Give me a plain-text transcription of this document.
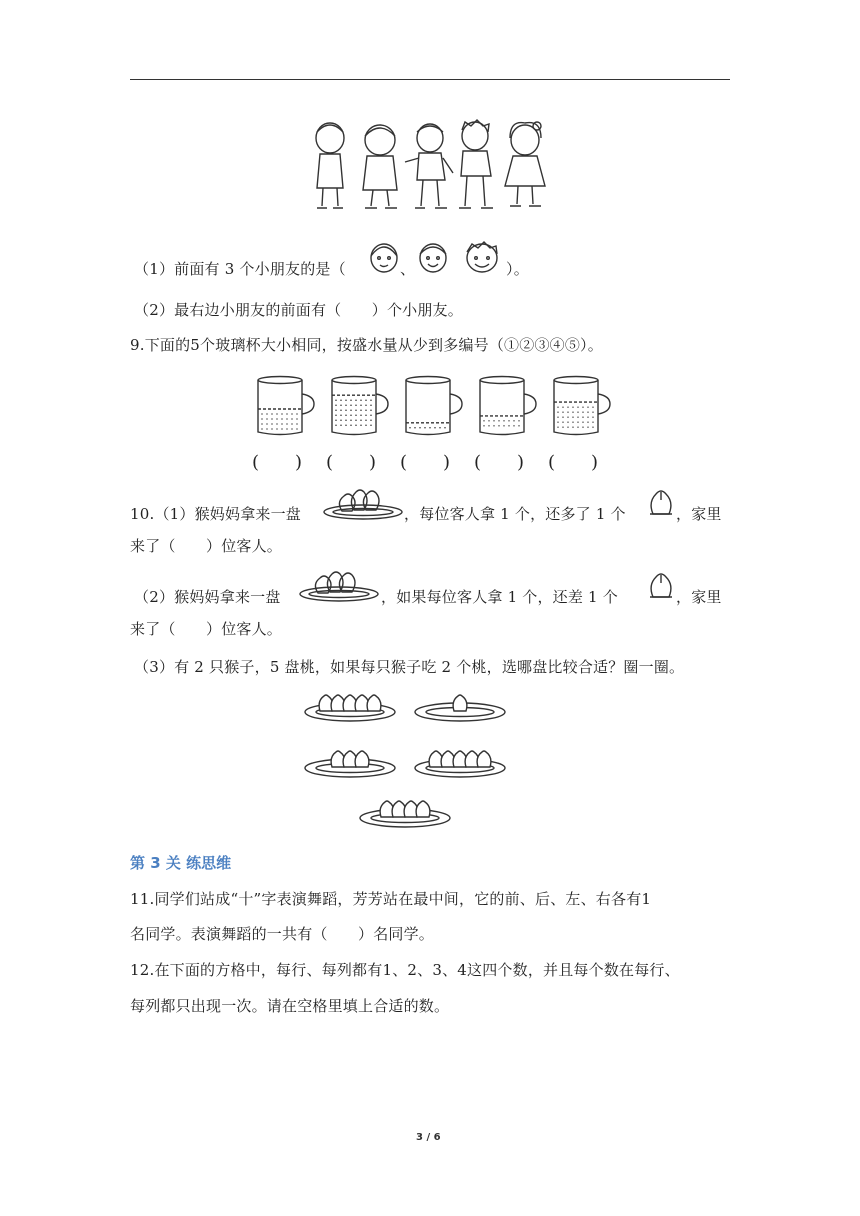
（1）前面有 3 个小朋友的是（	、	）。
（2）最右边小朋友的前面有（　　）个小朋友。
9.下面的5个玻璃杯大小相同，按盛水量从少到多编号（①②③④⑤）。
(　　) (　　) (　　) (　　) (　　)
10.（1）猴妈妈拿来一盘	，每位客人拿 1 个，还多了 1 个	，家里
来了（　　）位客人。
（2）猴妈妈拿来一盘	，如果每位客人拿 1 个，还差 1 个	，家里
来了（　　）位客人。
（3）有 2 只猴子，5 盘桃，如果每只猴子吃 2 个桃，选哪盘比较合适？圈一圈。
第 3 关 练思维
11.同学们站成“十”字表演舞蹈，芳芳站在最中间，它的前、后、左、右各有1
名同学。表演舞蹈的一共有（　　）名同学。
12.在下面的方格中，每行、每列都有1、2、3、4这四个数，并且每个数在每行、
每列都只出现一次。请在空格里填上合适的数。
3 / 6
